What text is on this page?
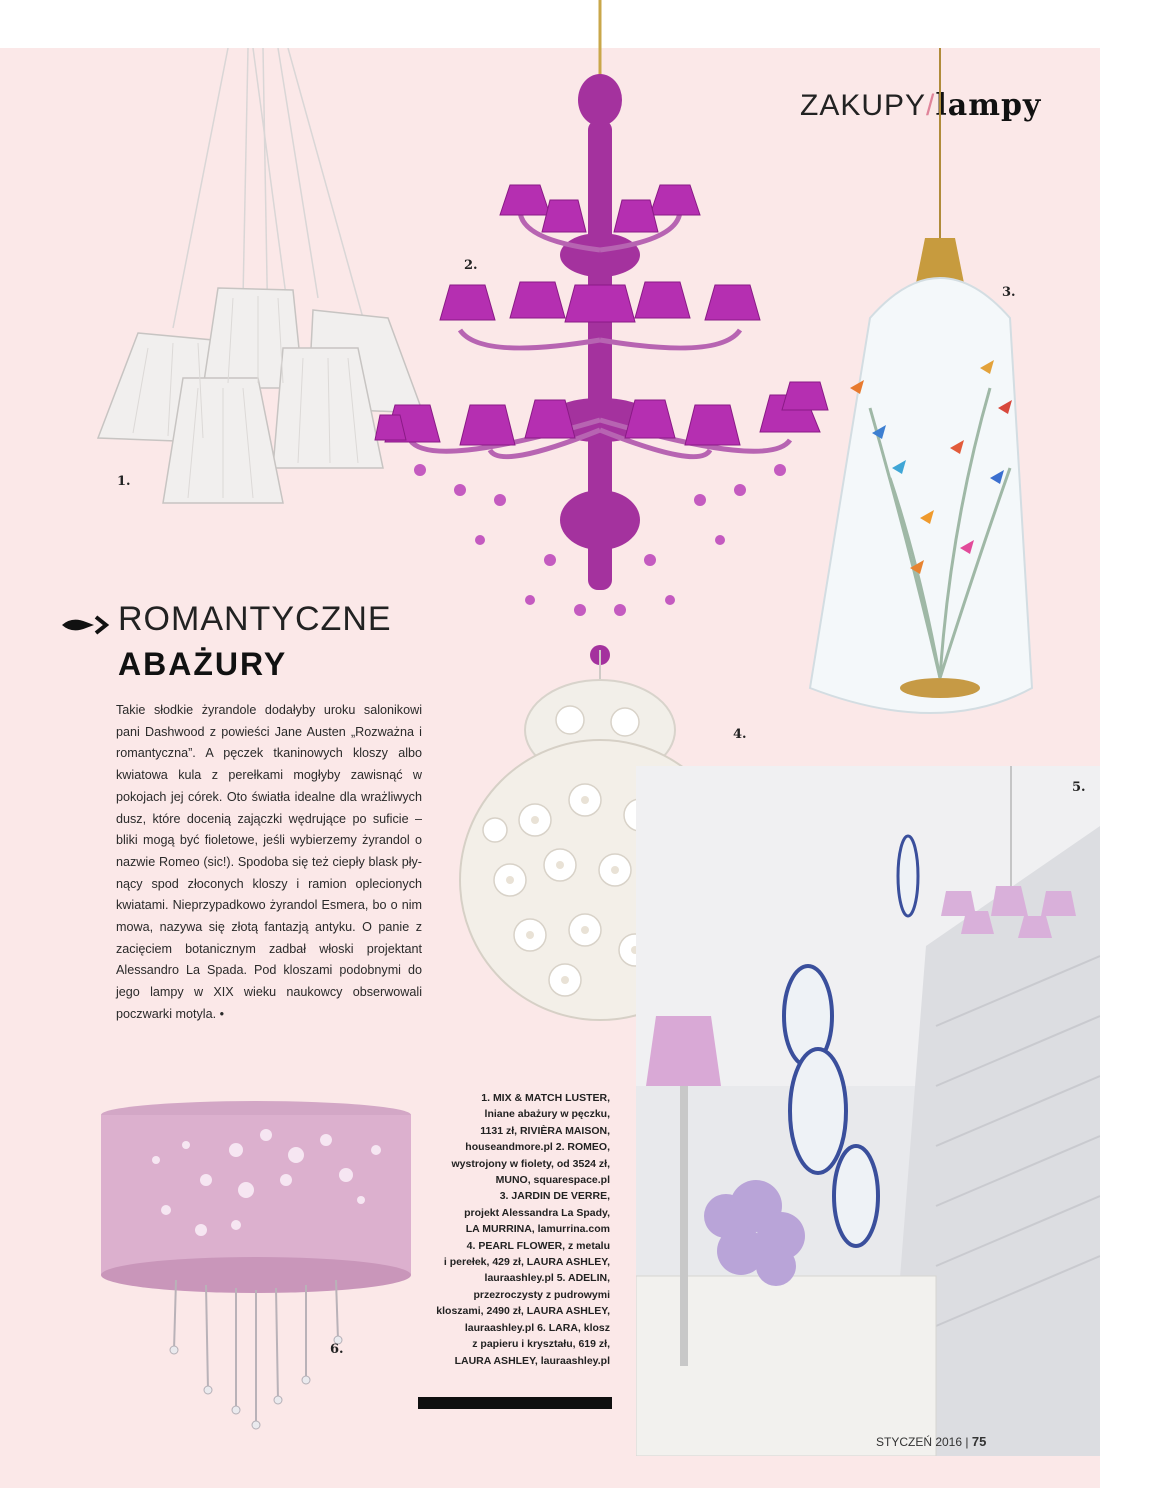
ZAKUPY/lampy
1.
2.
3.
ROMANTYCZNE
ABAŻURY
Takie słodkie żyrandole dodałyby uroku salonikowi pani Dashwood z powieści Jane Austen „Rozważna i romantyczna”. A pęczek tkaninowych kloszy albo kwiatowa kula z perełkami mogłyby zawisnąć w pokojach jej córek. Oto światła idealne dla wrażliwych dusz, które docenią zajączki wędrujące po suficie – bliki mogą być fioletowe, jeśli wybierzemy żyrandol o nazwie Romeo (sic!). Spodoba się też ciepły blask płynący spod złoconych kloszy i ramion oplecionych kwiatami. Nieprzypadkowo żyrandol Esmera, bo o nim mowa, nazywa się złotą fantazją antyku. O panie z zacięciem botanicznym zadbał włoski projektant Alessandro La Spada. Pod kloszami podobnymi do jego lampy w XIX wieku naukowcy obserwowali poczwarki motyla. •
4.
5.
6.
1. MIX & MATCH LUSTER,
lniane abażury w pęczku,
1131 zł, RIVIÈRA MAISON,
houseandmore.pl 2. ROMEO,
wystrojony w fiolety, od 3524 zł,
MUNO, squarespace.pl
3. JARDIN DE VERRE,
projekt Alessandra La Spady,
LA MURRINA, lamurrina.com
4. PEARL FLOWER, z metalu
i perełek, 429 zł, LAURA ASHLEY,
lauraashley.pl 5. ADELIN,
przezroczysty z pudrowymi
kloszami, 2490 zł, LAURA ASHLEY,
lauraashley.pl 6. LARA, klosz
z papieru i kryształu, 619 zł,
LAURA ASHLEY, lauraashley.pl
STYCZEŃ 2016 | 75
